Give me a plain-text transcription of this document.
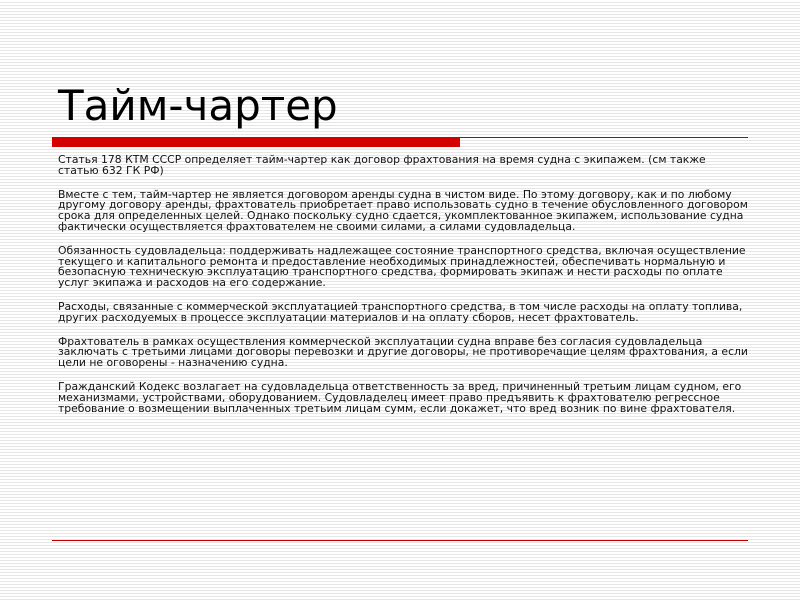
Тайм-чартер

Статья 178 КТМ СССР определяет тайм-чартер как договор фрахтования на время судна с экипажем. (см также статью 632 ГК РФ)

Вместе с тем, тайм-чартер не является договором аренды судна в чистом виде. По этому договору, как и по любому другому договору аренды, фрахтователь приобретает право использовать судно в течение обусловленного договором срока для определенных целей. Однако поскольку судно сдается, укомплектованное экипажем, использование судна фактически осуществляется фрахтователем не своими силами, а силами судовладельца.

Обязанность судовладельца: поддерживать надлежащее состояние транспортного средства, включая осуществление текущего и капитального ремонта и предоставление необходимых принадлежностей, обеспечивать нормальную и безопасную техническую эксплуатацию транспортного средства, формировать экипаж и нести расходы по оплате услуг экипажа и расходов на его содержание.

Расходы, связанные с коммерческой эксплуатацией транспортного средства, в том числе расходы на оплату топлива, других расходуемых в процессе эксплуатации материалов и на оплату сборов, несет фрахтователь.

Фрахтователь в рамках осуществления коммерческой эксплуатации судна вправе без согласия судовладельца заключать с третьими лицами договоры перевозки и другие договоры, не противоречащие целям фрахтования, а если цели не оговорены - назначению судна.

Гражданский Кодекс возлагает на судовладельца ответственность за вред, причиненный третьим лицам судном, его механизмами, устройствами, оборудованием. Судовладелец имеет право предъявить к фрахтователю регрессное требование о возмещении выплаченных третьим лицам сумм, если докажет, что вред возник по вине фрахтователя.
